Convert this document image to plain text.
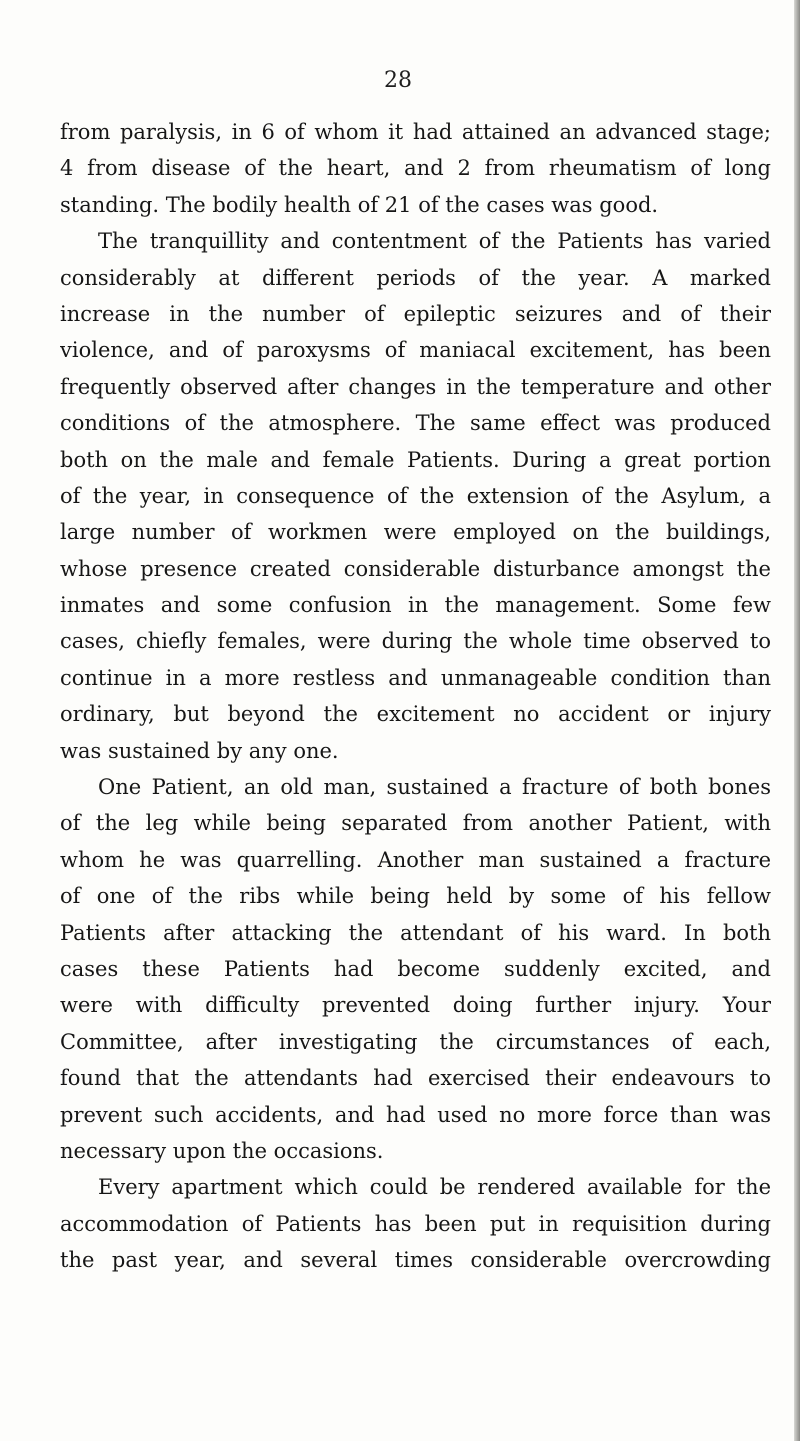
28
from paralysis, in 6 of whom it had attained an advanced stage;
4 from disease of the heart, and 2 from rheumatism of long
standing. The bodily health of 21 of the cases was good.
The tranquillity and contentment of the Patients has varied
considerably at different periods of the year. A marked
increase in the number of epileptic seizures and of their
violence, and of paroxysms of maniacal excitement, has been
frequently observed after changes in the temperature and other
conditions of the atmosphere. The same effect was produced
both on the male and female Patients. During a great portion
of the year, in consequence of the extension of the Asylum, a
large number of workmen were employed on the buildings,
whose presence created considerable disturbance amongst the
inmates and some confusion in the management. Some few
cases, chiefly females, were during the whole time observed to
continue in a more restless and unmanageable condition than
ordinary, but beyond the excitement no accident or injury
was sustained by any one.
One Patient, an old man, sustained a fracture of both bones
of the leg while being separated from another Patient, with
whom he was quarrelling. Another man sustained a fracture
of one of the ribs while being held by some of his fellow
Patients after attacking the attendant of his ward. In both
cases these Patients had become suddenly excited, and
were with difficulty prevented doing further injury. Your
Committee, after investigating the circumstances of each,
found that the attendants had exercised their endeavours to
prevent such accidents, and had used no more force than was
necessary upon the occasions.
Every apartment which could be rendered available for the
accommodation of Patients has been put in requisition during
the past year, and several times considerable overcrowding
